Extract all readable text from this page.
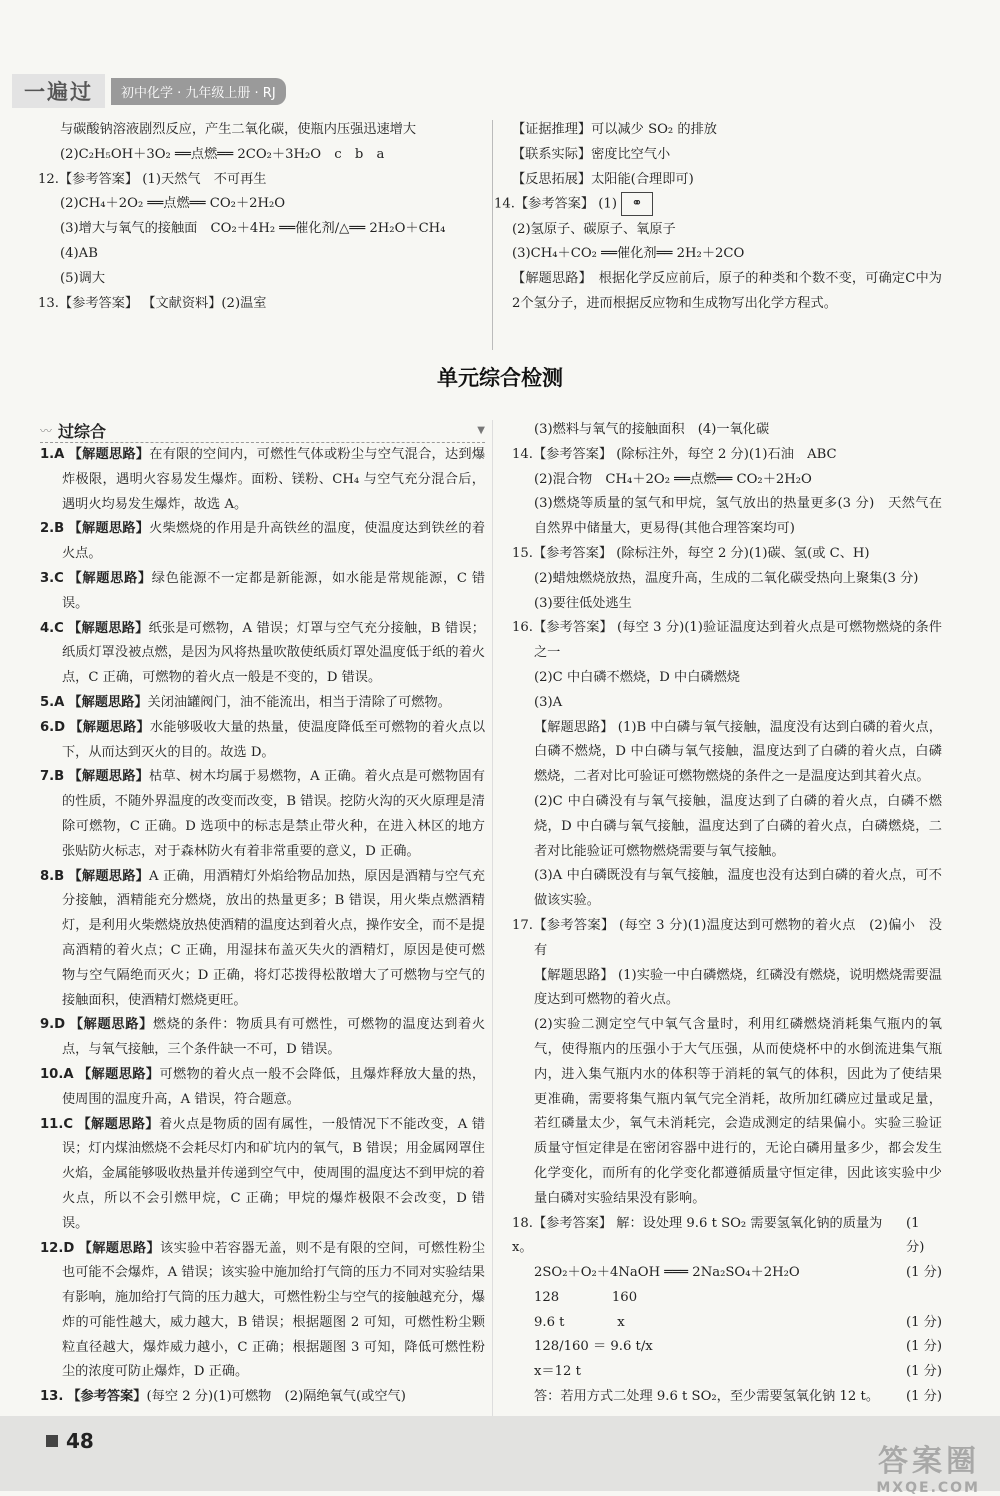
一遍过	初中化学 · 九年级上册 · RJ

与碳酸钠溶液剧烈反应，产生二氧化碳，使瓶内压强迅速增大

(2)C₂H₅OH＋3O₂ ══点燃══ 2CO₂＋3H₂O　c　b　a

12.【参考答案】 (1)天然气　不可再生

(2)CH₄＋2O₂ ══点燃══ CO₂＋2H₂O

(3)增大与氧气的接触面　CO₂＋4H₂ ══催化剂/△══ 2H₂O＋CH₄

(4)AB

(5)调大

13.【参考答案】 【文献资料】(2)温室

【证据推理】可以减少 SO₂ 的排放

【联系实际】密度比空气小

【反思拓展】太阳能(合理即可)

14.【参考答案】 (1) ⚭

(2)氢原子、碳原子、氧原子

(3)CH₄＋CO₂ ══催化剂══ 2H₂＋2CO

【解题思路】　根据化学反应前后，原子的种类和个数不变，可确定C中为2个氢分子，进而根据反应物和生成物写出化学方程式。

单元综合检测
〰 过综合	▼

1.A 【解题思路】在有限的空间内，可燃性气体或粉尘与空气混合，达到爆炸极限，遇明火容易发生爆炸。面粉、镁粉、CH₄ 与空气充分混合后，遇明火均易发生爆炸，故选 A。

2.B 【解题思路】火柴燃烧的作用是升高铁丝的温度，使温度达到铁丝的着火点。

3.C 【解题思路】绿色能源不一定都是新能源，如水能是常规能源，C 错误。

4.C 【解题思路】纸张是可燃物，A 错误；灯罩与空气充分接触，B 错误；纸质灯罩没被点燃，是因为风将热量吹散使纸质灯罩处温度低于纸的着火点，C 正确，可燃物的着火点一般是不变的，D 错误。

5.A 【解题思路】关闭油罐阀门，油不能流出，相当于清除了可燃物。

6.D 【解题思路】水能够吸收大量的热量，使温度降低至可燃物的着火点以下，从而达到灭火的目的。故选 D。

7.B 【解题思路】枯草、树木均属于易燃物，A 正确。着火点是可燃物固有的性质，不随外界温度的改变而改变，B 错误。挖防火沟的灭火原理是清除可燃物，C 正确。D 选项中的标志是禁止带火种，在进入林区的地方张贴防火标志，对于森林防火有着非常重要的意义，D 正确。

8.B 【解题思路】A 正确，用酒精灯外焰给物品加热，原因是酒精与空气充分接触，酒精能充分燃烧，放出的热量更多；B 错误，用火柴点燃酒精灯，是利用火柴燃烧放热使酒精的温度达到着火点，操作安全，而不是提高酒精的着火点；C 正确，用湿抹布盖灭失火的酒精灯，原因是使可燃物与空气隔绝而灭火；D 正确，将灯芯拨得松散增大了可燃物与空气的接触面积，使酒精灯燃烧更旺。

9.D 【解题思路】燃烧的条件：物质具有可燃性，可燃物的温度达到着火点，与氧气接触，三个条件缺一不可，D 错误。

10.A 【解题思路】可燃物的着火点一般不会降低，且爆炸释放大量的热，使周围的温度升高，A 错误，符合题意。

11.C 【解题思路】着火点是物质的固有属性，一般情况下不能改变，A 错误；灯内煤油燃烧不会耗尽灯内和矿坑内的氧气，B 错误；用金属网罩住火焰，金属能够吸收热量并传递到空气中，使周围的温度达不到甲烷的着火点，所以不会引燃甲烷，C 正确；甲烷的爆炸极限不会改变，D 错误。

12.D 【解题思路】该实验中若容器无盖，则不是有限的空间，可燃性粉尘也可能不会爆炸，A 错误；该实验中施加给打气筒的压力不同对实验结果有影响，施加给打气筒的压力越大，可燃性粉尘与空气的接触越充分，爆炸的可能性越大，威力越大，B 错误；根据题图 2 可知，可燃性粉尘颗粒直径越大，爆炸威力越小，C 正确；根据题图 3 可知，降低可燃性粉尘的浓度可防止爆炸，D 正确。

13. 【参考答案】(每空 2 分)(1)可燃物　(2)隔绝氧气(或空气)

(3)燃料与氧气的接触面积　(4)一氧化碳

14.【参考答案】 (除标注外，每空 2 分)(1)石油　ABC

(2)混合物　CH₄＋2O₂ ══点燃══ CO₂＋2H₂O

(3)燃烧等质量的氢气和甲烷，氢气放出的热量更多(3 分)　天然气在自然界中储量大，更易得(其他合理答案均可)

15.【参考答案】 (除标注外，每空 2 分)(1)碳、氢(或 C、H)

(2)蜡烛燃烧放热，温度升高，生成的二氧化碳受热向上聚集(3 分)

(3)要往低处逃生

16.【参考答案】 (每空 3 分)(1)验证温度达到着火点是可燃物燃烧的条件之一

(2)C 中白磷不燃烧，D 中白磷燃烧

(3)A

【解题思路】 (1)B 中白磷与氧气接触，温度没有达到白磷的着火点，白磷不燃烧，D 中白磷与氧气接触，温度达到了白磷的着火点，白磷燃烧，二者对比可验证可燃物燃烧的条件之一是温度达到其着火点。

(2)C 中白磷没有与氧气接触，温度达到了白磷的着火点，白磷不燃烧，D 中白磷与氧气接触，温度达到了白磷的着火点，白磷燃烧，二者对比能验证可燃物燃烧需要与氧气接触。

(3)A 中白磷既没有与氧气接触，温度也没有达到白磷的着火点，可不做该实验。

17.【参考答案】 (每空 3 分)(1)温度达到可燃物的着火点　(2)偏小　没有

【解题思路】 (1)实验一中白磷燃烧，红磷没有燃烧，说明燃烧需要温度达到可燃物的着火点。

(2)实验二测定空气中氧气含量时，利用红磷燃烧消耗集气瓶内的氧气，使得瓶内的压强小于大气压强，从而使烧杯中的水倒流进集气瓶内，进入集气瓶内水的体积等于消耗的氧气的体积，因此为了使结果更准确，需要将集气瓶内氧气完全消耗，故所加红磷应过量或足量，若红磷量太少，氧气未消耗完，会造成测定的结果偏小。实验三验证质量守恒定律是在密闭容器中进行的，无论白磷用量多少，都会发生化学变化，而所有的化学变化都遵循质量守恒定律，因此该实验中少量白磷对实验结果没有影响。

18.【参考答案】 解：设处理 9.6 t SO₂ 需要氢氧化钠的质量为 x。
(1 分)
2SO₂＋O₂＋4NaOH ═══ 2Na₂SO₄＋2H₂O	(1 分)
128　　　　160
9.6 t　　　　x	(1 分)
128/160 ＝ 9.6 t/x	(1 分)
x＝12 t	(1 分)
答：若用方式二处理 9.6 t SO₂，至少需要氢氧化钠 12 t。 (1 分)
48
答案圈
MXQE.COM
